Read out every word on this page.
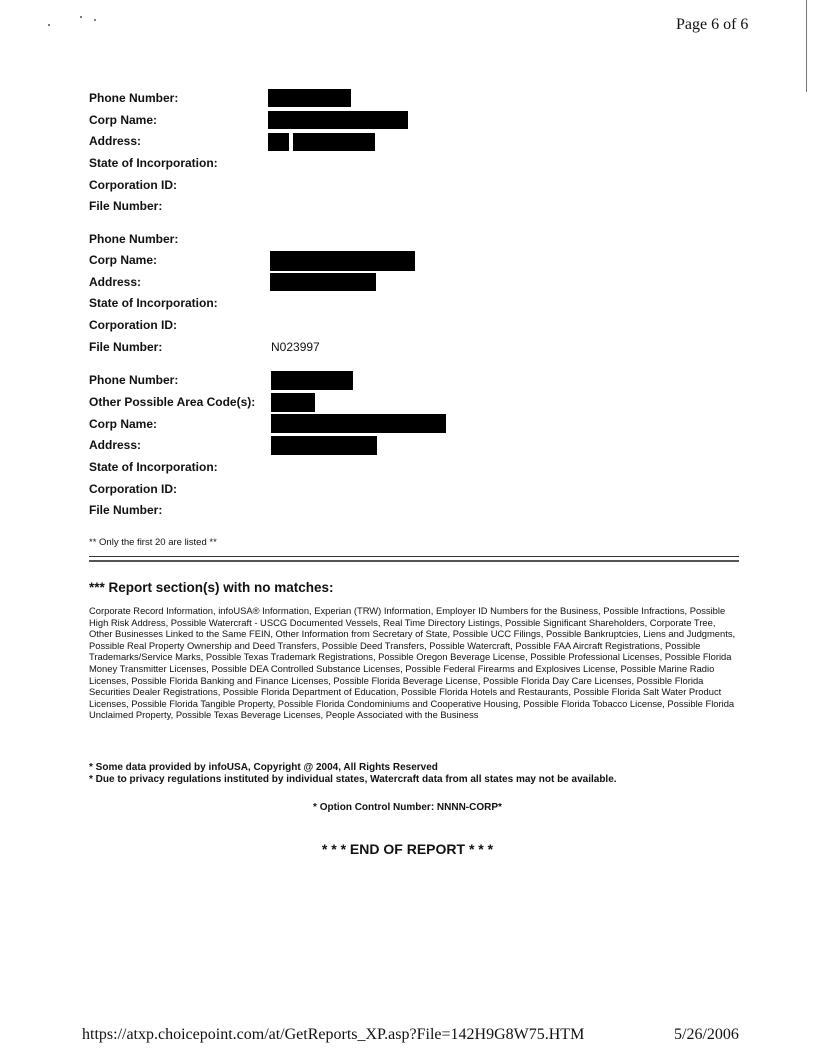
Page 6 of 6
Phone Number:
Corp Name:
Address:
State of Incorporation:
Corporation ID:
File Number:
Phone Number:
Corp Name:
Address:
State of Incorporation:
Corporation ID:
File Number:	N023997
Phone Number:
Other Possible Area Code(s):
Corp Name:
Address:
State of Incorporation:
Corporation ID:
File Number:
** Only the first 20 are listed **
*** Report section(s) with no matches:
Corporate Record Information, infoUSA® Information, Experian (TRW) Information, Employer ID Numbers for the Business, Possible Infractions, Possible High Risk Address, Possible Watercraft - USCG Documented Vessels, Real Time Directory Listings, Possible Significant Shareholders, Corporate Tree, Other Businesses Linked to the Same FEIN, Other Information from Secretary of State, Possible UCC Filings, Possible Bankruptcies, Liens and Judgments, Possible Real Property Ownership and Deed Transfers, Possible Deed Transfers, Possible Watercraft, Possible FAA Aircraft Registrations, Possible Trademarks/Service Marks, Possible Texas Trademark Registrations, Possible Oregon Beverage License, Possible Professional Licenses, Possible Florida Money Transmitter Licenses, Possible DEA Controlled Substance Licenses, Possible Federal Firearms and Explosives License, Possible Marine Radio Licenses, Possible Florida Banking and Finance Licenses, Possible Florida Beverage License, Possible Florida Day Care Licenses, Possible Florida Securities Dealer Registrations, Possible Florida Department of Education, Possible Florida Hotels and Restaurants, Possible Florida Salt Water Product Licenses, Possible Florida Tangible Property, Possible Florida Condominiums and Cooperative Housing, Possible Florida Tobacco License, Possible Florida Unclaimed Property, Possible Texas Beverage Licenses, People Associated with the Business
* Some data provided by infoUSA, Copyright @ 2004, All Rights Reserved
* Due to privacy regulations instituted by individual states, Watercraft data from all states may not be available.
* Option Control Number: NNNN-CORP*
* * * END OF REPORT * * *
https://atxp.choicepoint.com/at/GetReports_XP.asp?File=142H9G8W75.HTM	5/26/2006
